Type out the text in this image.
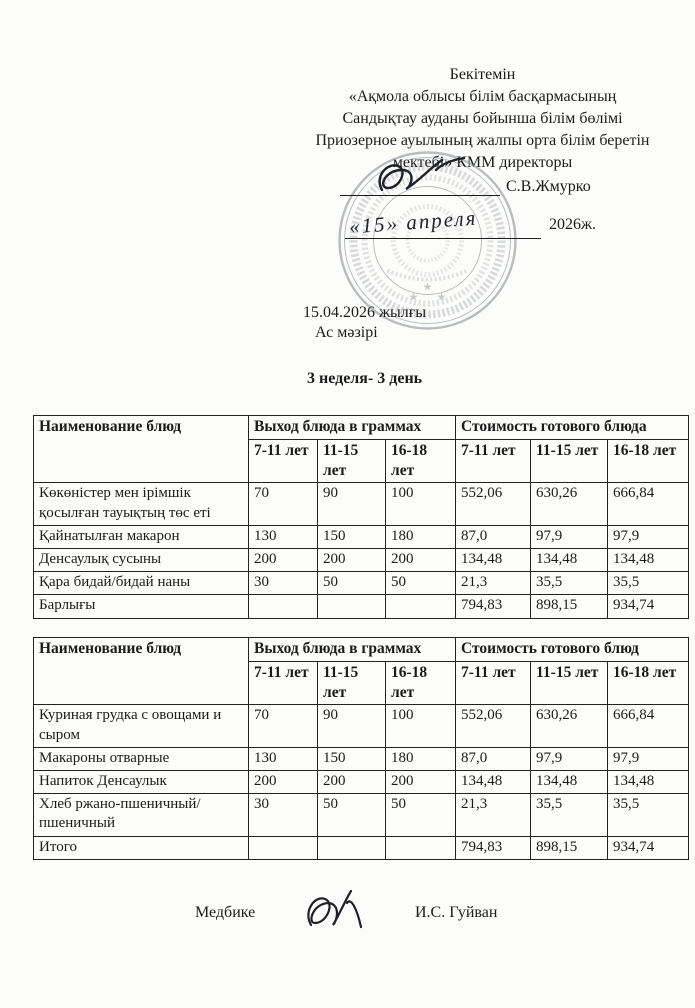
Бекітемін
«Ақмола облысы білім басқармасының
Сандықтау ауданы бойынша білім бөлімі
Приозерное ауылының жалпы орта білім беретін
мектебі» КММ директоры
★
★ ★
С.В.Жмурко
«15» апреля	2026ж.
15.04.2026 жылғы
Ас мәзірі
3 неделя- 3 день
Наименование блюд	Выход блюда в граммах			Стоимость готового блюда		
	7-11 лет	11-15 лет	16-18 лет	7-11 лет	11-15 лет	16-18 лет
Көкөністер мен ірімшік қосылған тауықтың төс еті	70	90	100	552,06	630,26	666,84
Қайнатылған макарон	130	150	180	87,0	97,9	97,9
Денсаулық сусыны	200	200	200	134,48	134,48	134,48
Қара бидай/бидай наны	30	50	50	21,3	35,5	35,5
Барлығы				794,83	898,15	934,74
Наименование блюд	Выход блюда в граммах			Стоимость готового блюд		
	7-11 лет	11-15 лет	16-18 лет	7-11 лет	11-15 лет	16-18 лет
Куриная грудка с овощами и сыром	70	90	100	552,06	630,26	666,84
Макароны отварные	130	150	180	87,0	97,9	97,9
Напиток Денсаулык	200	200	200	134,48	134,48	134,48
Хлеб ржано-пшеничный/пшеничный	30	50	50	21,3	35,5	35,5
Итого				794,83	898,15	934,74
Медбике	И.С. Гуйван
